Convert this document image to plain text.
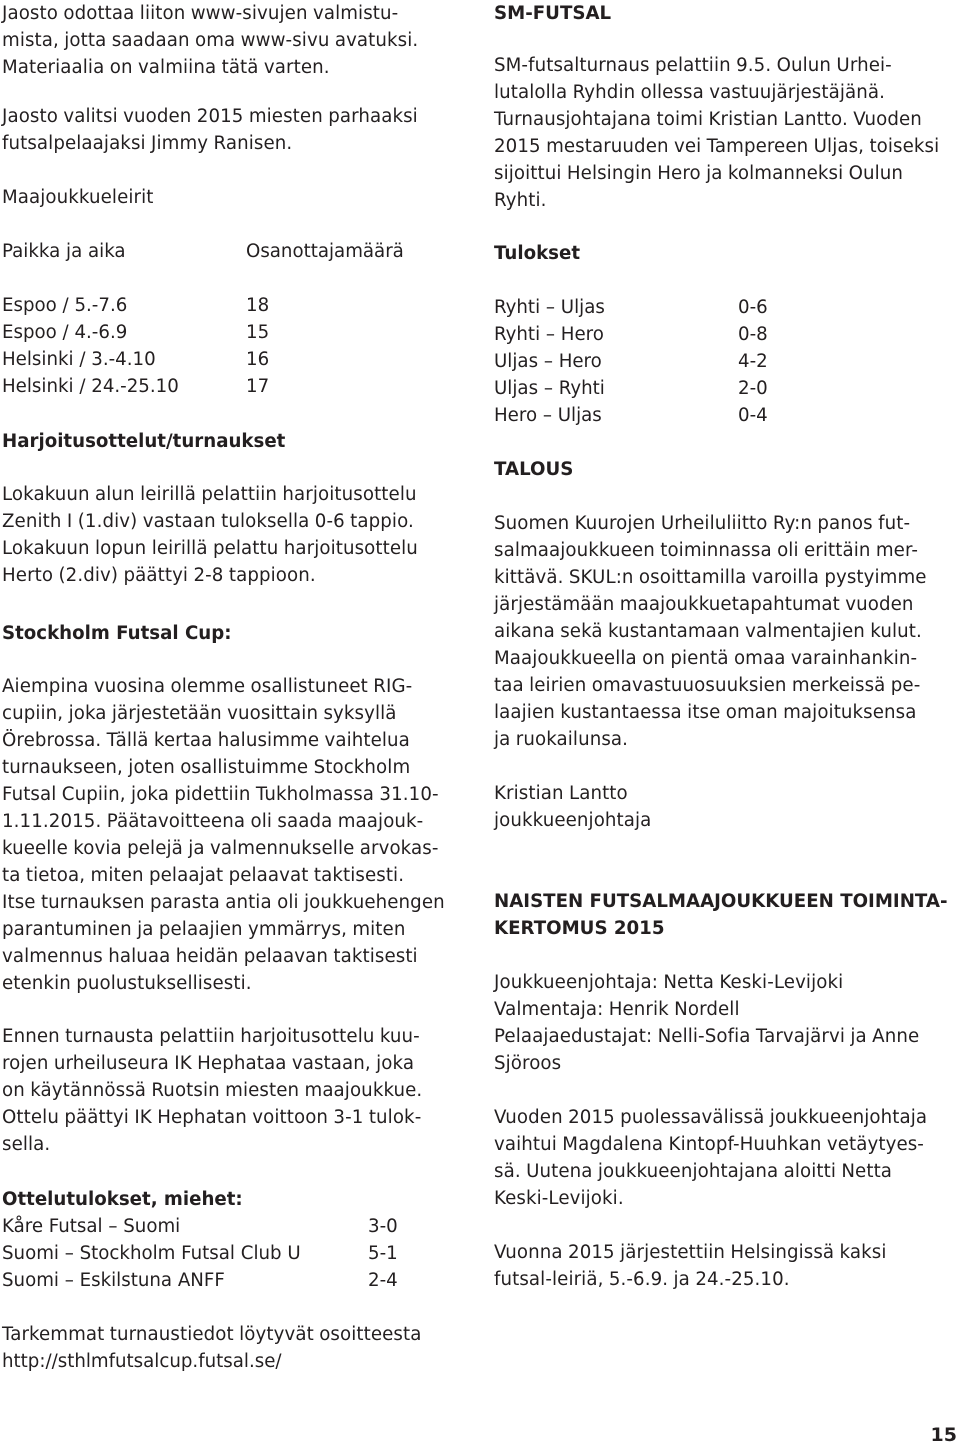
Jaosto odottaa liiton www-sivujen valmistu-
mista, jotta saadaan oma www-sivu avatuksi.
Materiaalia on valmiina tätä varten.
Jaosto valitsi vuoden 2015 miesten parhaaksi
futsalpelaajaksi Jimmy Ranisen.
Maajoukkueleirit
Paikka ja aika	Osanottajamäärä
Espoo / 5.-7.6	18
Espoo / 4.-6.9	15
Helsinki / 3.-4.10	16
Helsinki / 24.-25.10	17
Harjoitusottelut/turnaukset
Lokakuun alun leirillä pelattiin harjoitusottelu
Zenith I (1.div) vastaan tuloksella 0-6 tappio.
Lokakuun lopun leirillä pelattu harjoitusottelu
Herto (2.div) päättyi 2-8 tappioon.
Stockholm Futsal Cup:
Aiempina vuosina olemme osallistuneet RIG-
cupiin, joka järjestetään vuosittain syksyllä
Örebrossa. Tällä kertaa halusimme vaihtelua
turnaukseen, joten osallistuimme Stockholm
Futsal Cupiin, joka pidettiin Tukholmassa 31.10-
1.11.2015. Päätavoitteena oli saada maajouk-
kueelle kovia pelejä ja valmennukselle arvokas-
ta tietoa, miten pelaajat pelaavat taktisesti.
Itse turnauksen parasta antia oli joukkuehengen
parantuminen ja pelaajien ymmärrys, miten
valmennus haluaa heidän pelaavan taktisesti
etenkin puolustuksellisesti.
Ennen turnausta pelattiin harjoitusottelu kuu-
rojen urheiluseura IK Hephataa vastaan, joka
on käytännössä Ruotsin miesten maajoukkue.
Ottelu päättyi IK Hephatan voittoon 3-1 tulok-
sella.
Ottelutulokset, miehet:
Kåre Futsal – Suomi	3-0
Suomi – Stockholm Futsal Club U	5-1
Suomi – Eskilstuna ANFF	2-4
Tarkemmat turnaustiedot löytyvät osoitteesta
http://sthlmfutsalcup.futsal.se/
SM-FUTSAL
SM-futsalturnaus pelattiin 9.5. Oulun Urhei-
lutalolla Ryhdin ollessa vastuujärjestäjänä.
Turnausjohtajana toimi Kristian Lantto. Vuoden
2015 mestaruuden vei Tampereen Uljas, toiseksi
sijoittui Helsingin Hero ja kolmanneksi Oulun
Ryhti.
Tulokset
Ryhti – Uljas	0-6
Ryhti – Hero	0-8
Uljas – Hero	4-2
Uljas – Ryhti	2-0
Hero – Uljas	0-4
TALOUS
Suomen Kuurojen Urheiluliitto Ry:n panos fut-
salmaajoukkueen toiminnassa oli erittäin mer-
kittävä. SKUL:n osoittamilla varoilla pystyimme
järjestämään maajoukkuetapahtumat vuoden
aikana sekä kustantamaan valmentajien kulut.
Maajoukkueella on pientä omaa varainhankin-
taa leirien omavastuuosuuksien merkeissä pe-
laajien kustantaessa itse oman majoituksensa
ja ruokailunsa.
Kristian Lantto
joukkueenjohtaja
NAISTEN FUTSALMAAJOUKKUEEN TOIMINTA-
KERTOMUS 2015
Joukkueenjohtaja: Netta Keski-Levijoki
Valmentaja: Henrik Nordell
Pelaajaedustajat: Nelli-Sofia Tarvajärvi ja Anne
Sjöroos
Vuoden 2015 puolessavälissä joukkueenjohtaja
vaihtui Magdalena Kintopf-Huuhkan vetäytyes-
sä. Uutena joukkueenjohtajana aloitti Netta
Keski-Levijoki.
Vuonna 2015 järjestettiin Helsingissä kaksi
futsal-leiriä, 5.-6.9. ja 24.-25.10.
15
